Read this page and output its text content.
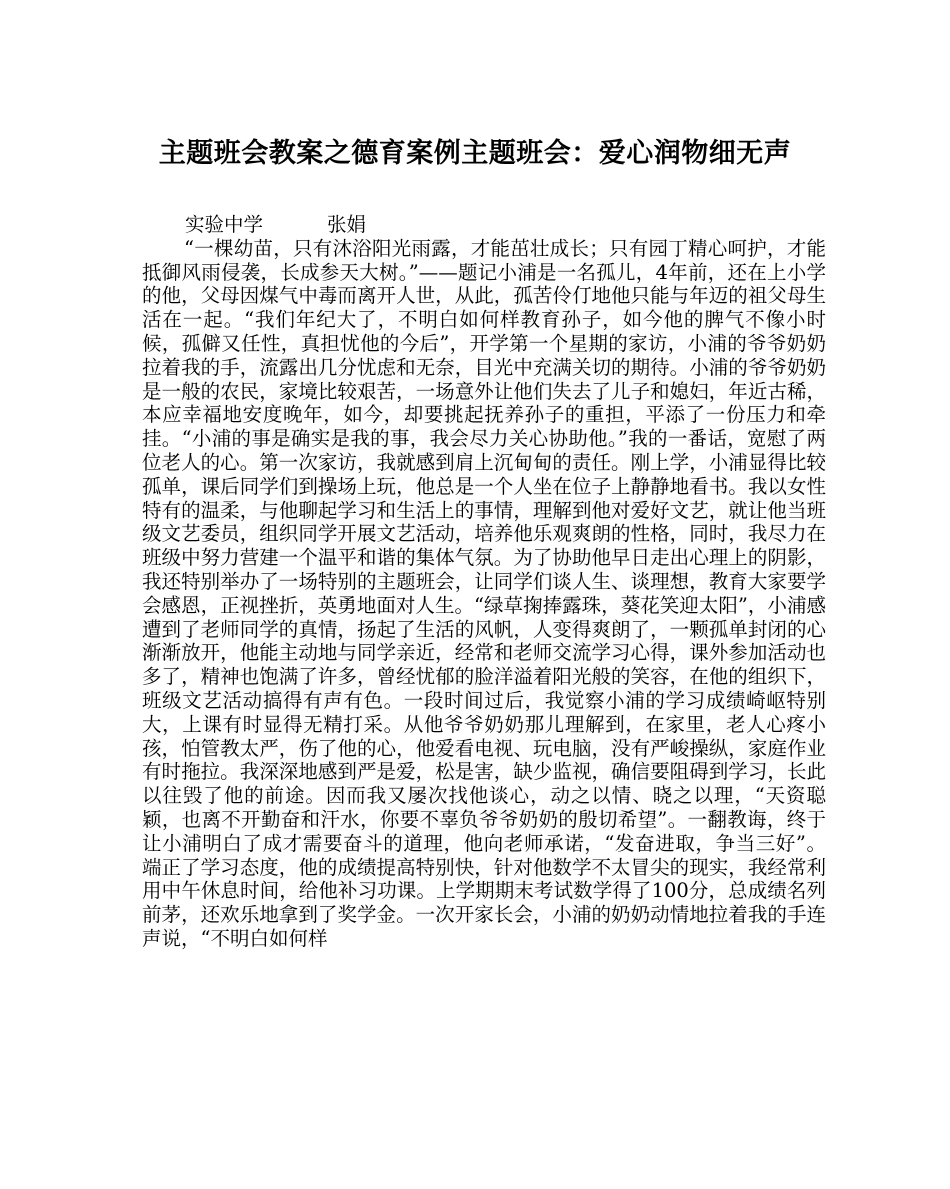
主题班会教案之德育案例主题班会：爱心润物细无声

实验中学	张娟

“一棵幼苗，只有沐浴阳光雨露，才能茁壮成长；只有园丁精心呵护，才能抵御风雨侵袭，长成参天大树。”——题记小浦是一名孤儿，4年前，还在上小学的他，父母因煤气中毒而离开人世，从此，孤苦伶仃地他只能与年迈的祖父母生活在一起。“我们年纪大了，不明白如何样教育孙子，如今他的脾气不像小时候，孤僻又任性，真担忧他的今后”，开学第一个星期的家访，小浦的爷爷奶奶拉着我的手，流露出几分忧虑和无奈，目光中充满关切的期待。小浦的爷爷奶奶是一般的农民，家境比较艰苦，一场意外让他们失去了儿子和媳妇，年近古稀，本应幸福地安度晚年，如今，却要挑起抚养孙子的重担，平添了一份压力和牵挂。“小浦的事是确实是我的事，我会尽力关心协助他。”我的一番话，宽慰了两位老人的心。第一次家访，我就感到肩上沉甸甸的责任。刚上学，小浦显得比较孤单，课后同学们到操场上玩，他总是一个人坐在位子上静静地看书。我以女性特有的温柔，与他聊起学习和生活上的事情，理解到他对爱好文艺，就让他当班级文艺委员，组织同学开展文艺活动，培养他乐观爽朗的性格，同时，我尽力在班级中努力营建一个温平和谐的集体气氛。为了协助他早日走出心理上的阴影，我还特别举办了一场特别的主题班会，让同学们谈人生、谈理想，教育大家要学会感恩，正视挫折，英勇地面对人生。“绿草掬捧露珠，葵花笑迎太阳”，小浦感遭到了老师同学的真情，扬起了生活的风帆，人变得爽朗了，一颗孤单封闭的心渐渐放开，他能主动地与同学亲近，经常和老师交流学习心得，课外参加活动也多了，精神也饱满了许多，曾经忧郁的脸洋溢着阳光般的笑容，在他的组织下，班级文艺活动搞得有声有色。一段时间过后，我觉察小浦的学习成绩崎岖特别大，上课有时显得无精打采。从他爷爷奶奶那儿理解到，在家里，老人心疼小孩，怕管教太严，伤了他的心，他爱看电视、玩电脑，没有严峻操纵，家庭作业有时拖拉。我深深地感到严是爱，松是害，缺少监视，确信要阻碍到学习，长此以往毁了他的前途。因而我又屡次找他谈心，动之以情、晓之以理，“天资聪颖，也离不开勤奋和汗水，你要不辜负爷爷奶奶的殷切希望”。一翻教诲，终于让小浦明白了成才需要奋斗的道理，他向老师承诺，“发奋进取，争当三好”。 端正了学习态度，他的成绩提高特别快，针对他数学不太冒尖的现实，我经常利用中午休息时间，给他补习功课。上学期期末考试数学得了100分，总成绩名列前茅，还欢乐地拿到了奖学金。一次开家长会，小浦的奶奶动情地拉着我的手连声说，“不明白如何样
